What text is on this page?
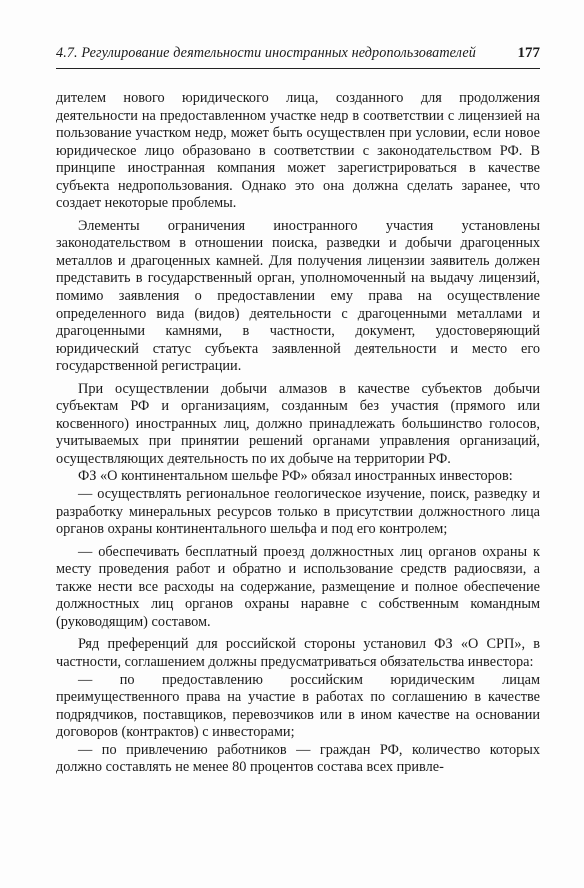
4.7. Регулирование деятельности иностранных недропользователей	177

дителем нового юридического лица, созданного для продолжения деятельности на предоставленном участке недр в соответствии с лицензией на пользование участком недр, может быть осуществлен при условии, если новое юридическое лицо образовано в соответствии с законодательством РФ. В принципе иностранная компания может зарегистрироваться в качестве субъекта недропользования. Однако это она должна сделать заранее, что создает некоторые проблемы.

Элементы ограничения иностранного участия установлены законодательством в отношении поиска, разведки и добычи драгоценных металлов и драгоценных камней. Для получения лицензии заявитель должен представить в государственный орган, уполномоченный на выдачу лицензий, помимо заявления о предоставлении ему права на осуществление определенного вида (видов) деятельности с драгоценными металлами и драгоценными камнями, в частности, документ, удостоверяющий юридический статус субъекта заявленной деятельности и место его государственной регистрации.

При осуществлении добычи алмазов в качестве субъектов добычи субъектам РФ и организациям, созданным без участия (прямого или косвенного) иностранных лиц, должно принадлежать большинство голосов, учитываемых при принятии решений органами управления организаций, осуществляющих деятельность по их добыче на территории РФ.

ФЗ «О континентальном шельфе РФ» обязал иностранных инвесторов:

— осуществлять региональное геологическое изучение, поиск, разведку и разработку минеральных ресурсов только в присутствии должностного лица органов охраны континентального шельфа и под его контролем;

— обеспечивать бесплатный проезд должностных лиц органов охраны к месту проведения работ и обратно и использование средств радиосвязи, а также нести все расходы на содержание, размещение и полное обеспечение должностных лиц органов охраны наравне с собственным командным (руководящим) составом.

Ряд преференций для российской стороны установил ФЗ «О СРП», в частности, соглашением должны предусматриваться обязательства инвестора:

— по предоставлению российским юридическим лицам преимущественного права на участие в работах по соглашению в качестве подрядчиков, поставщиков, перевозчиков или в ином качестве на основании договоров (контрактов) с инвесторами;

— по привлечению работников — граждан РФ, количество которых должно составлять не менее 80 процентов состава всех привле-
